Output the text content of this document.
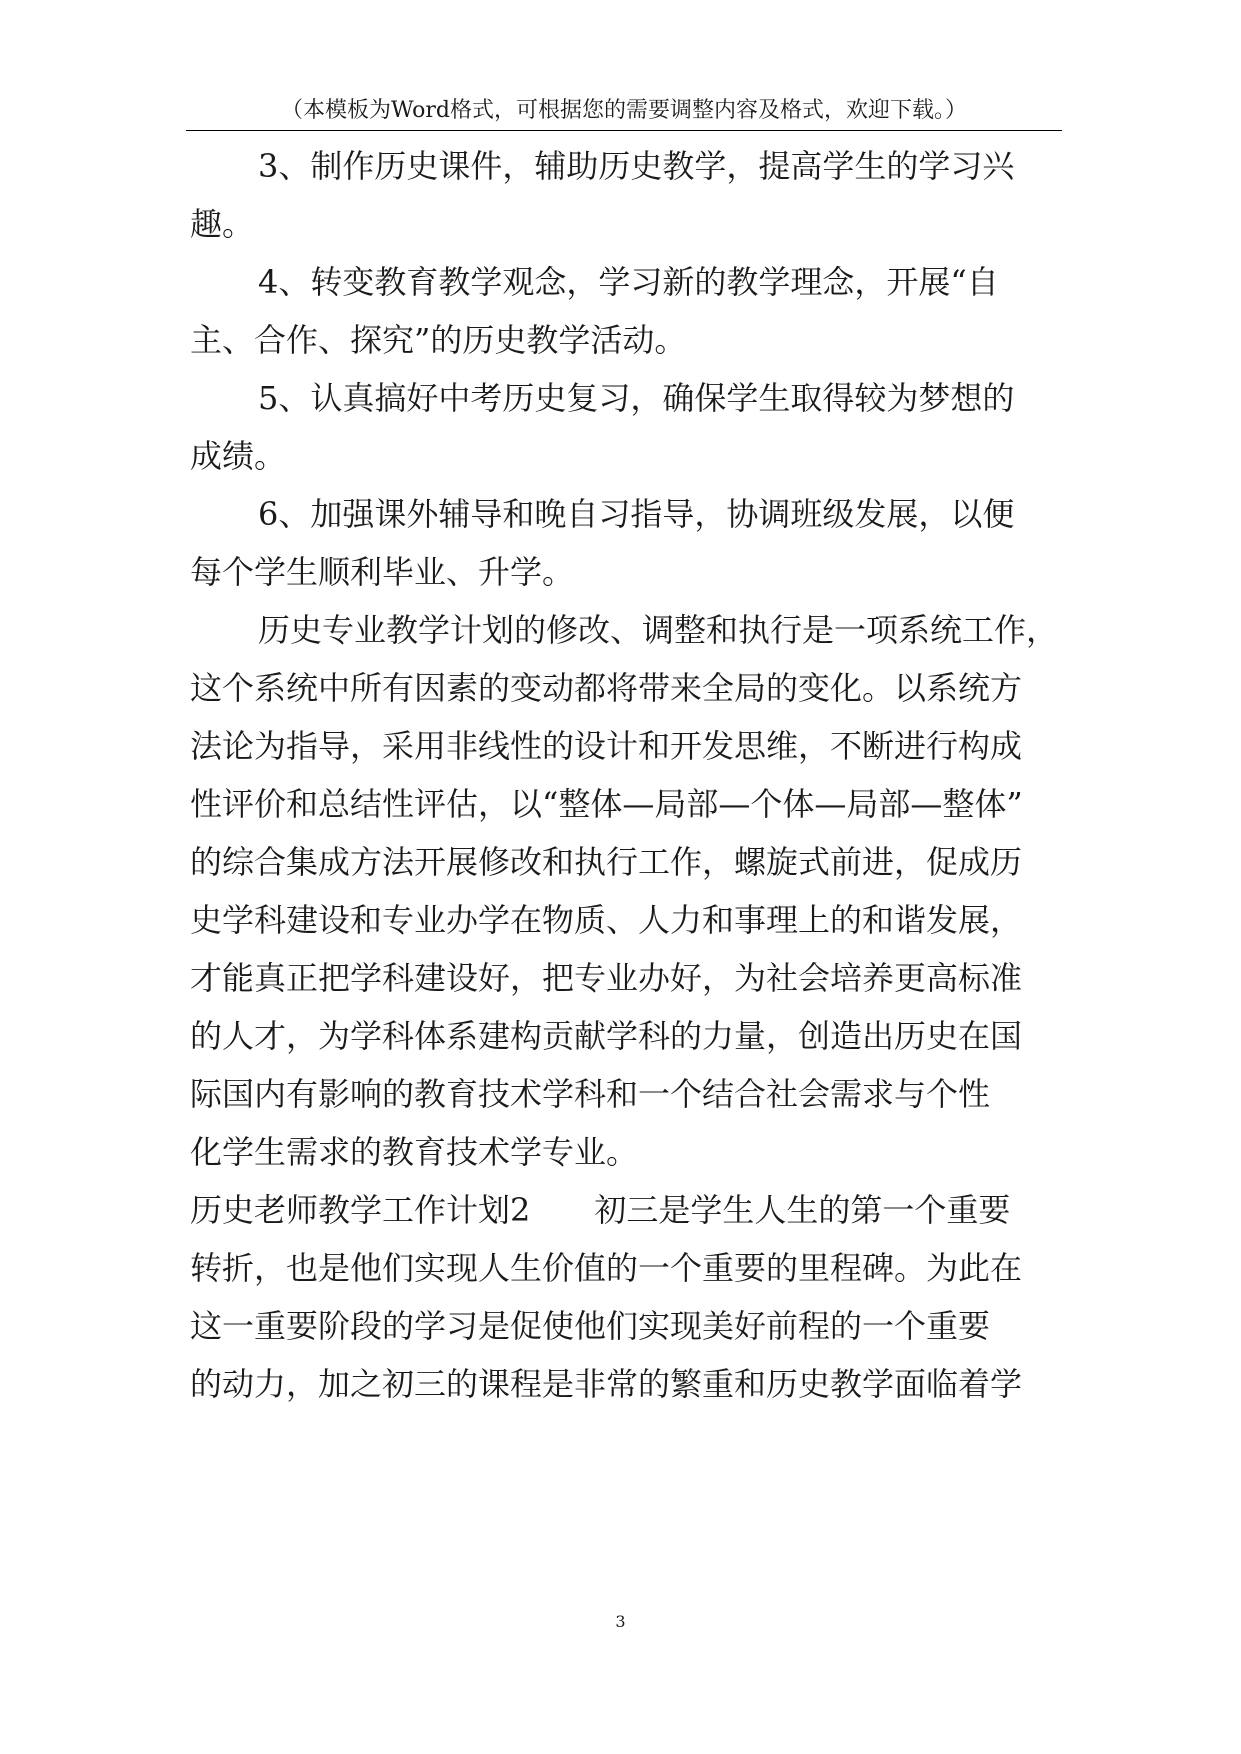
（本模板为Word格式，可根据您的需要调整内容及格式，欢迎下载。）
3、制作历史课件，辅助历史教学，提高学生的学习兴
趣。
4、转变教育教学观念，学习新的教学理念，开展“自
主、合作、探究”的历史教学活动。
5、认真搞好中考历史复习，确保学生取得较为梦想的
成绩。
6、加强课外辅导和晚自习指导，协调班级发展，以便
每个学生顺利毕业、升学。
历史专业教学计划的修改、调整和执行是一项系统工作，
这个系统中所有因素的变动都将带来全局的变化。以系统方
法论为指导，采用非线性的设计和开发思维，不断进行构成
性评价和总结性评估，以“整体—局部—个体—局部—整体”
的综合集成方法开展修改和执行工作，螺旋式前进，促成历
史学科建设和专业办学在物质、人力和事理上的和谐发展，
才能真正把学科建设好，把专业办好，为社会培养更高标准
的人才，为学科体系建构贡献学科的力量，创造出历史在国
际国内有影响的教育技术学科和一个结合社会需求与个性
化学生需求的教育技术学专业。
历史老师教学工作计划2　　初三是学生人生的第一个重要
转折，也是他们实现人生价值的一个重要的里程碑。为此在
这一重要阶段的学习是促使他们实现美好前程的一个重要
的动力，加之初三的课程是非常的繁重和历史教学面临着学
3
